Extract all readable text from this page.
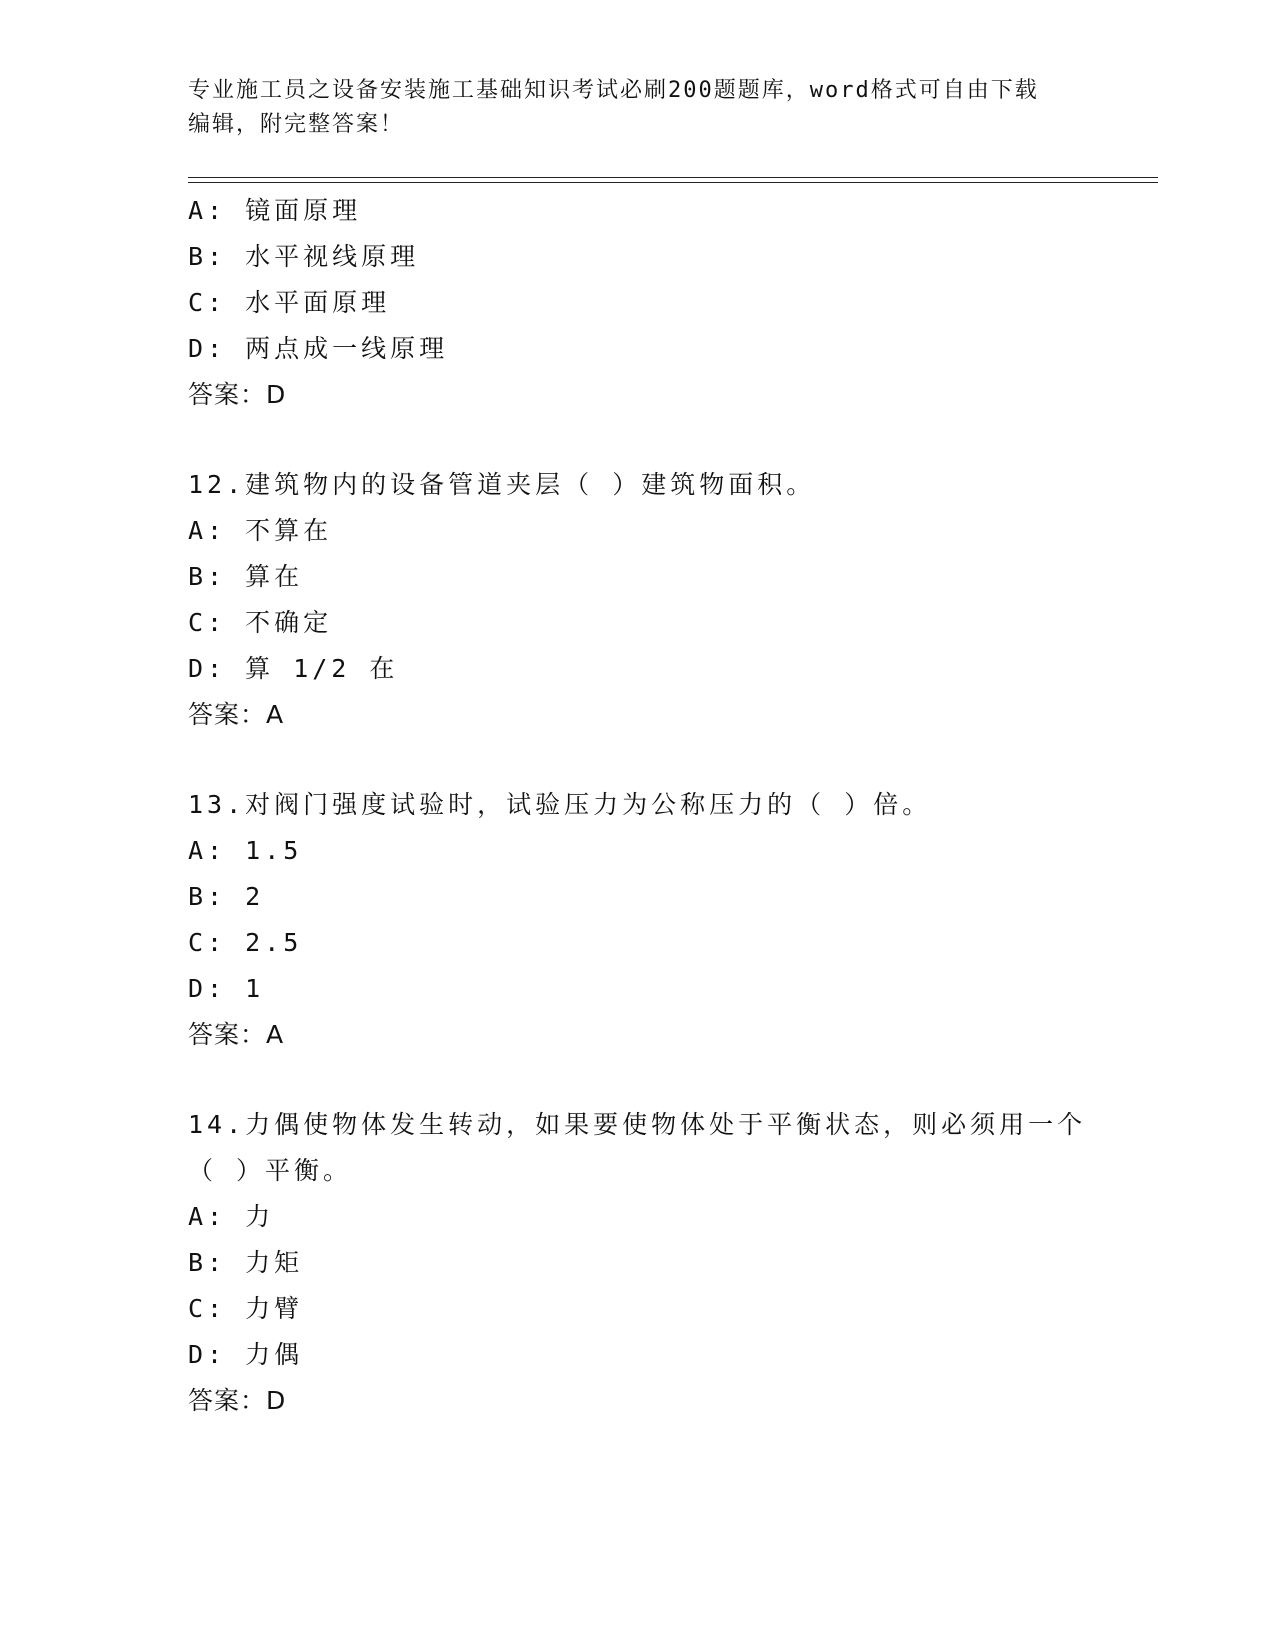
专业施工员之设备安装施工基础知识考试必刷200题题库，word格式可自由下载
编辑，附完整答案！
A: 镜面原理
B: 水平视线原理
C: 水平面原理
D: 两点成一线原理
答案：D
12.建筑物内的设备管道夹层（ ）建筑物面积。
A: 不算在
B: 算在
C: 不确定
D: 算 1/2 在
答案：A
13.对阀门强度试验时，试验压力为公称压力的（ ）倍。
A: 1.5
B: 2
C: 2.5
D: 1
答案：A
14.力偶使物体发生转动，如果要使物体处于平衡状态，则必须用一个
（ ）平衡。
A: 力
B: 力矩
C: 力臂
D: 力偶
答案：D
